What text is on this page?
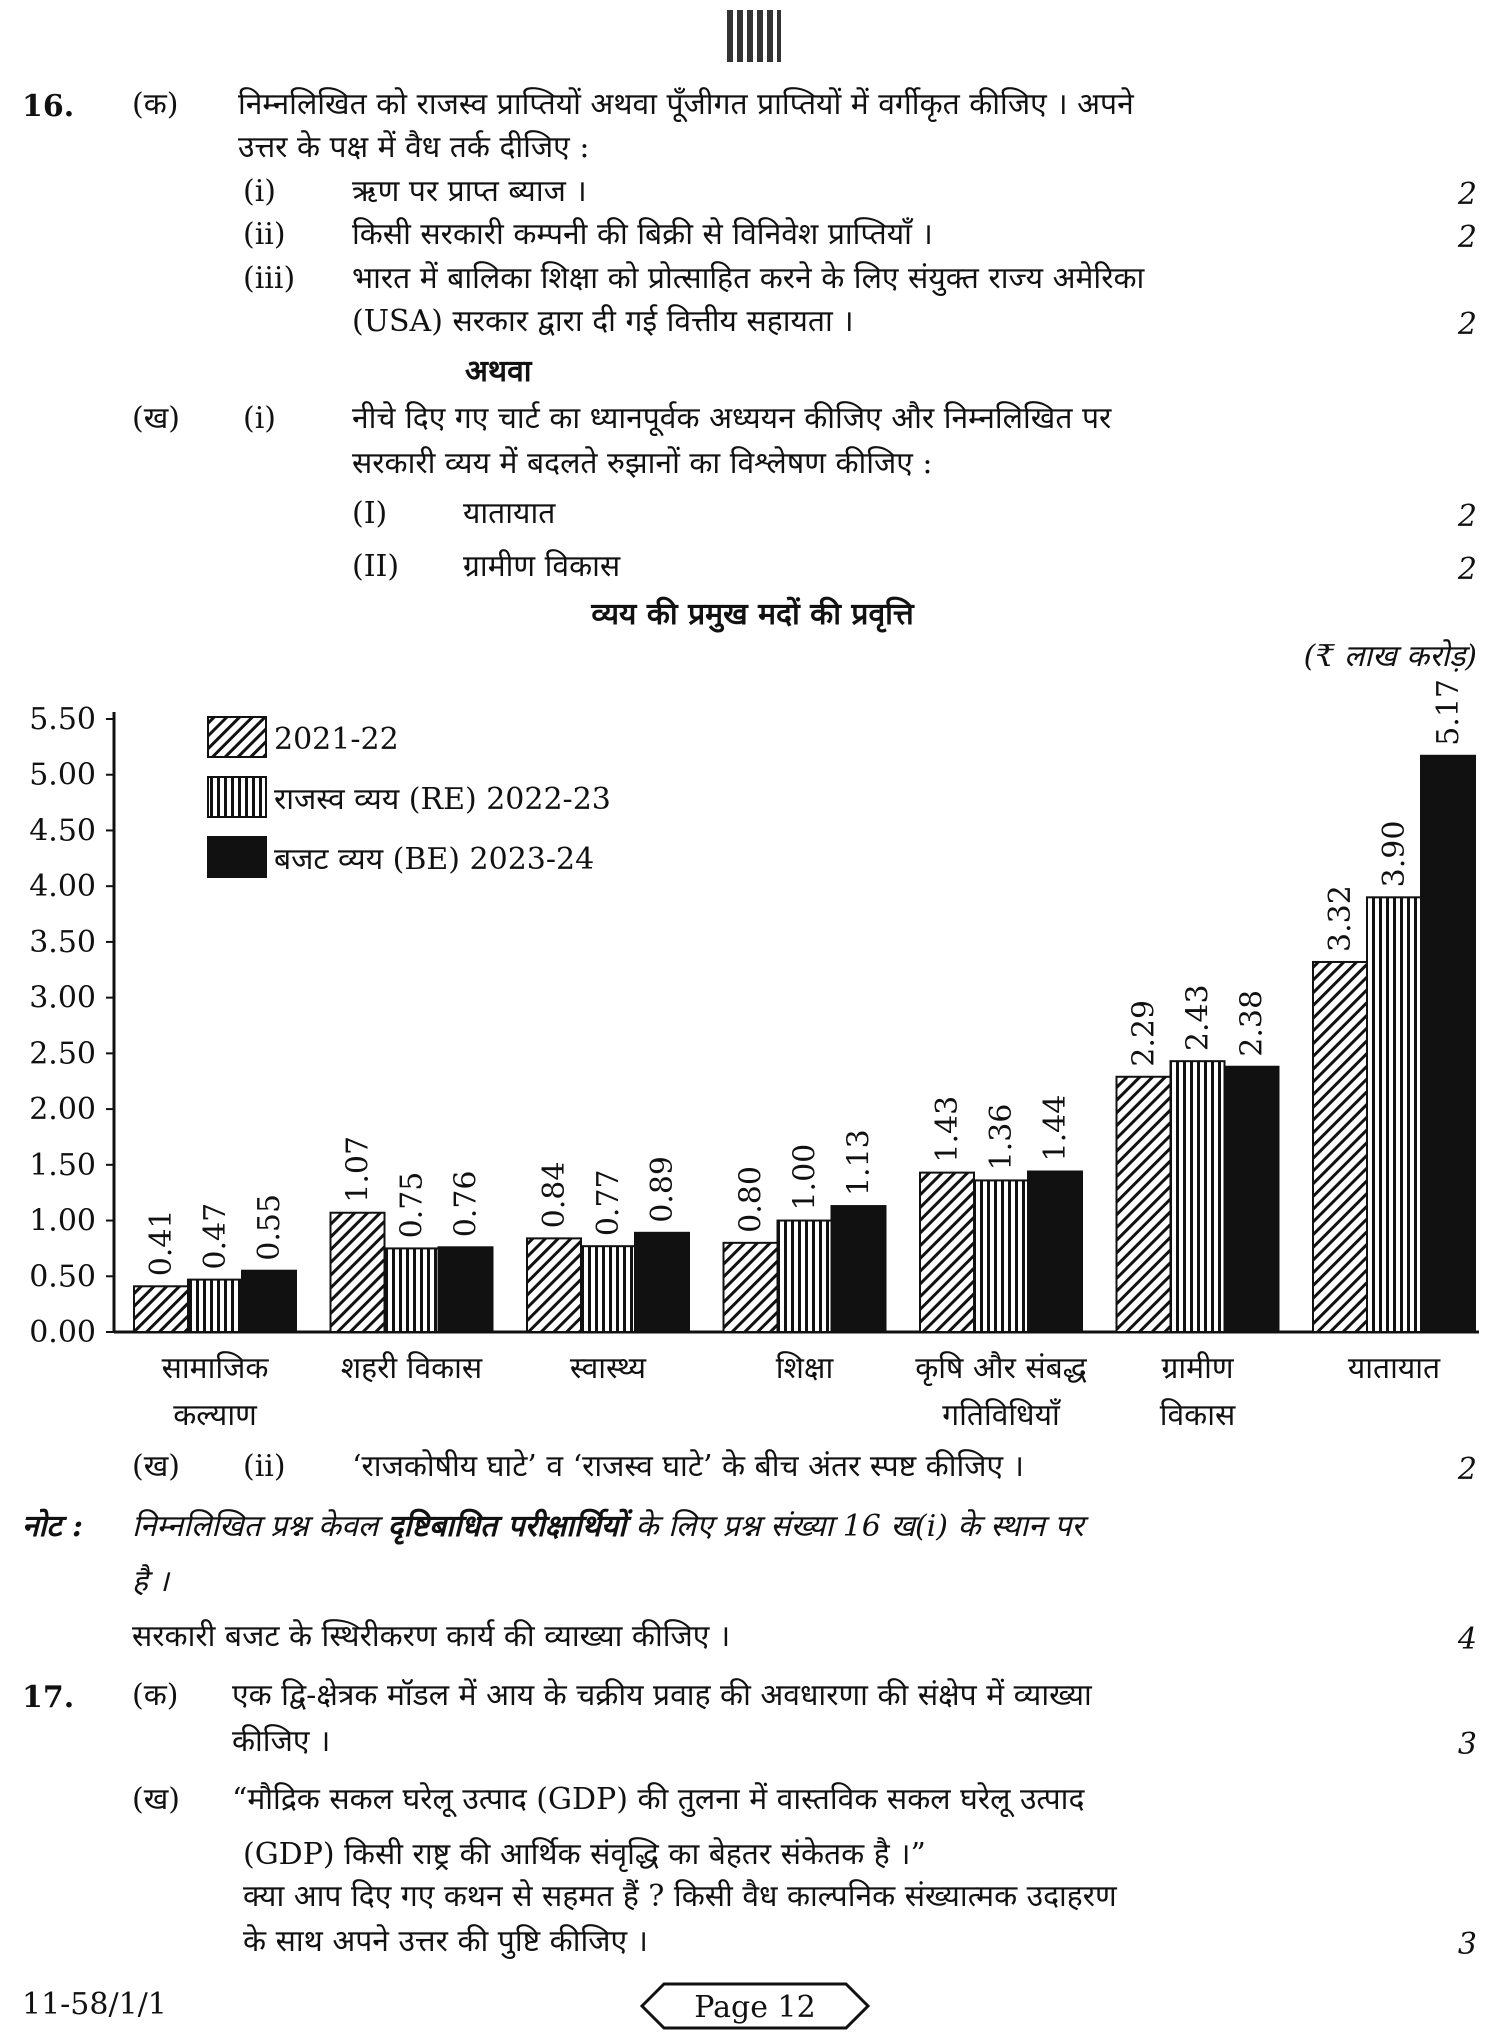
16. (क) निम्नलिखित को राजस्व प्राप्तियों अथवा पूँजीगत प्राप्तियों में वर्गीकृत कीजिए । अपने
उत्तर के पक्ष में वैध तर्क दीजिए :
(i)	ऋण पर प्राप्त ब्याज ।	2
(ii) किसी सरकारी कम्पनी की बिक्री से विनिवेश प्राप्तियाँ ।	2
(iii) भारत में बालिका शिक्षा को प्रोत्साहित करने के लिए संयुक्त राज्य अमेरिका
(USA) सरकार द्वारा दी गई वित्तीय सहायता ।	2
अथवा
(ख) (i)	नीचे दिए गए चार्ट का ध्यानपूर्वक अध्ययन कीजिए और निम्नलिखित पर
सरकारी व्यय में बदलते रुझानों का विश्लेषण कीजिए :
(I)	यातायात	2
(II) ग्रामीण विकास	2
व्यय की प्रमुख मदों की प्रवृत्ति
(₹ लाख करोड़)
0.00
0.50
1.00
1.50
2.00
2.50
3.00
3.50
4.00
4.50
5.00
5.50
सामाजिक
कल्याण
शहरी विकास	स्वास्थ्य	शिक्षा	कृषि और संबद्ध
गतिविधियाँ
ग्रामीण
विकास
यातायात
0.41 0.47 0.55
1.07
0.75 0.76 0.84 0.77 0.89 0.80 1.00 1.13
1.43 1.36 1.44
2.29 2.43 2.38
3.32
3.90
5.17
2021-22
राजस्व व्यय (RE) 2022-23
बजट व्यय (BE) 2023-24
(ख) (ii) ‘राजकोषीय घाटे’ व ‘राजस्व घाटे’ के बीच अंतर स्पष्ट कीजिए ।	2
नोट : निम्नलिखित प्रश्न केवल दृष्टिबाधित परीक्षार्थियों के लिए प्रश्न संख्या 16 ख(i) के स्थान पर
है ।
सरकारी बजट के स्थिरीकरण कार्य की व्याख्या कीजिए ।	4
17. (क) एक द्वि-क्षेत्रक मॉडल में आय के चक्रीय प्रवाह की अवधारणा की संक्षेप में व्याख्या
कीजिए ।	3
(ख) “मौद्रिक सकल घरेलू उत्पाद (GDP) की तुलना में वास्तविक सकल घरेलू उत्पाद
(GDP) किसी राष्ट्र की आर्थिक संवृद्धि का बेहतर संकेतक है ।”
क्या आप दिए गए कथन से सहमत हैं ? किसी वैध काल्पनिक संख्यात्मक उदाहरण
के साथ अपने उत्तर की पुष्टि कीजिए ।	3
11-58/1/1	Page 12
